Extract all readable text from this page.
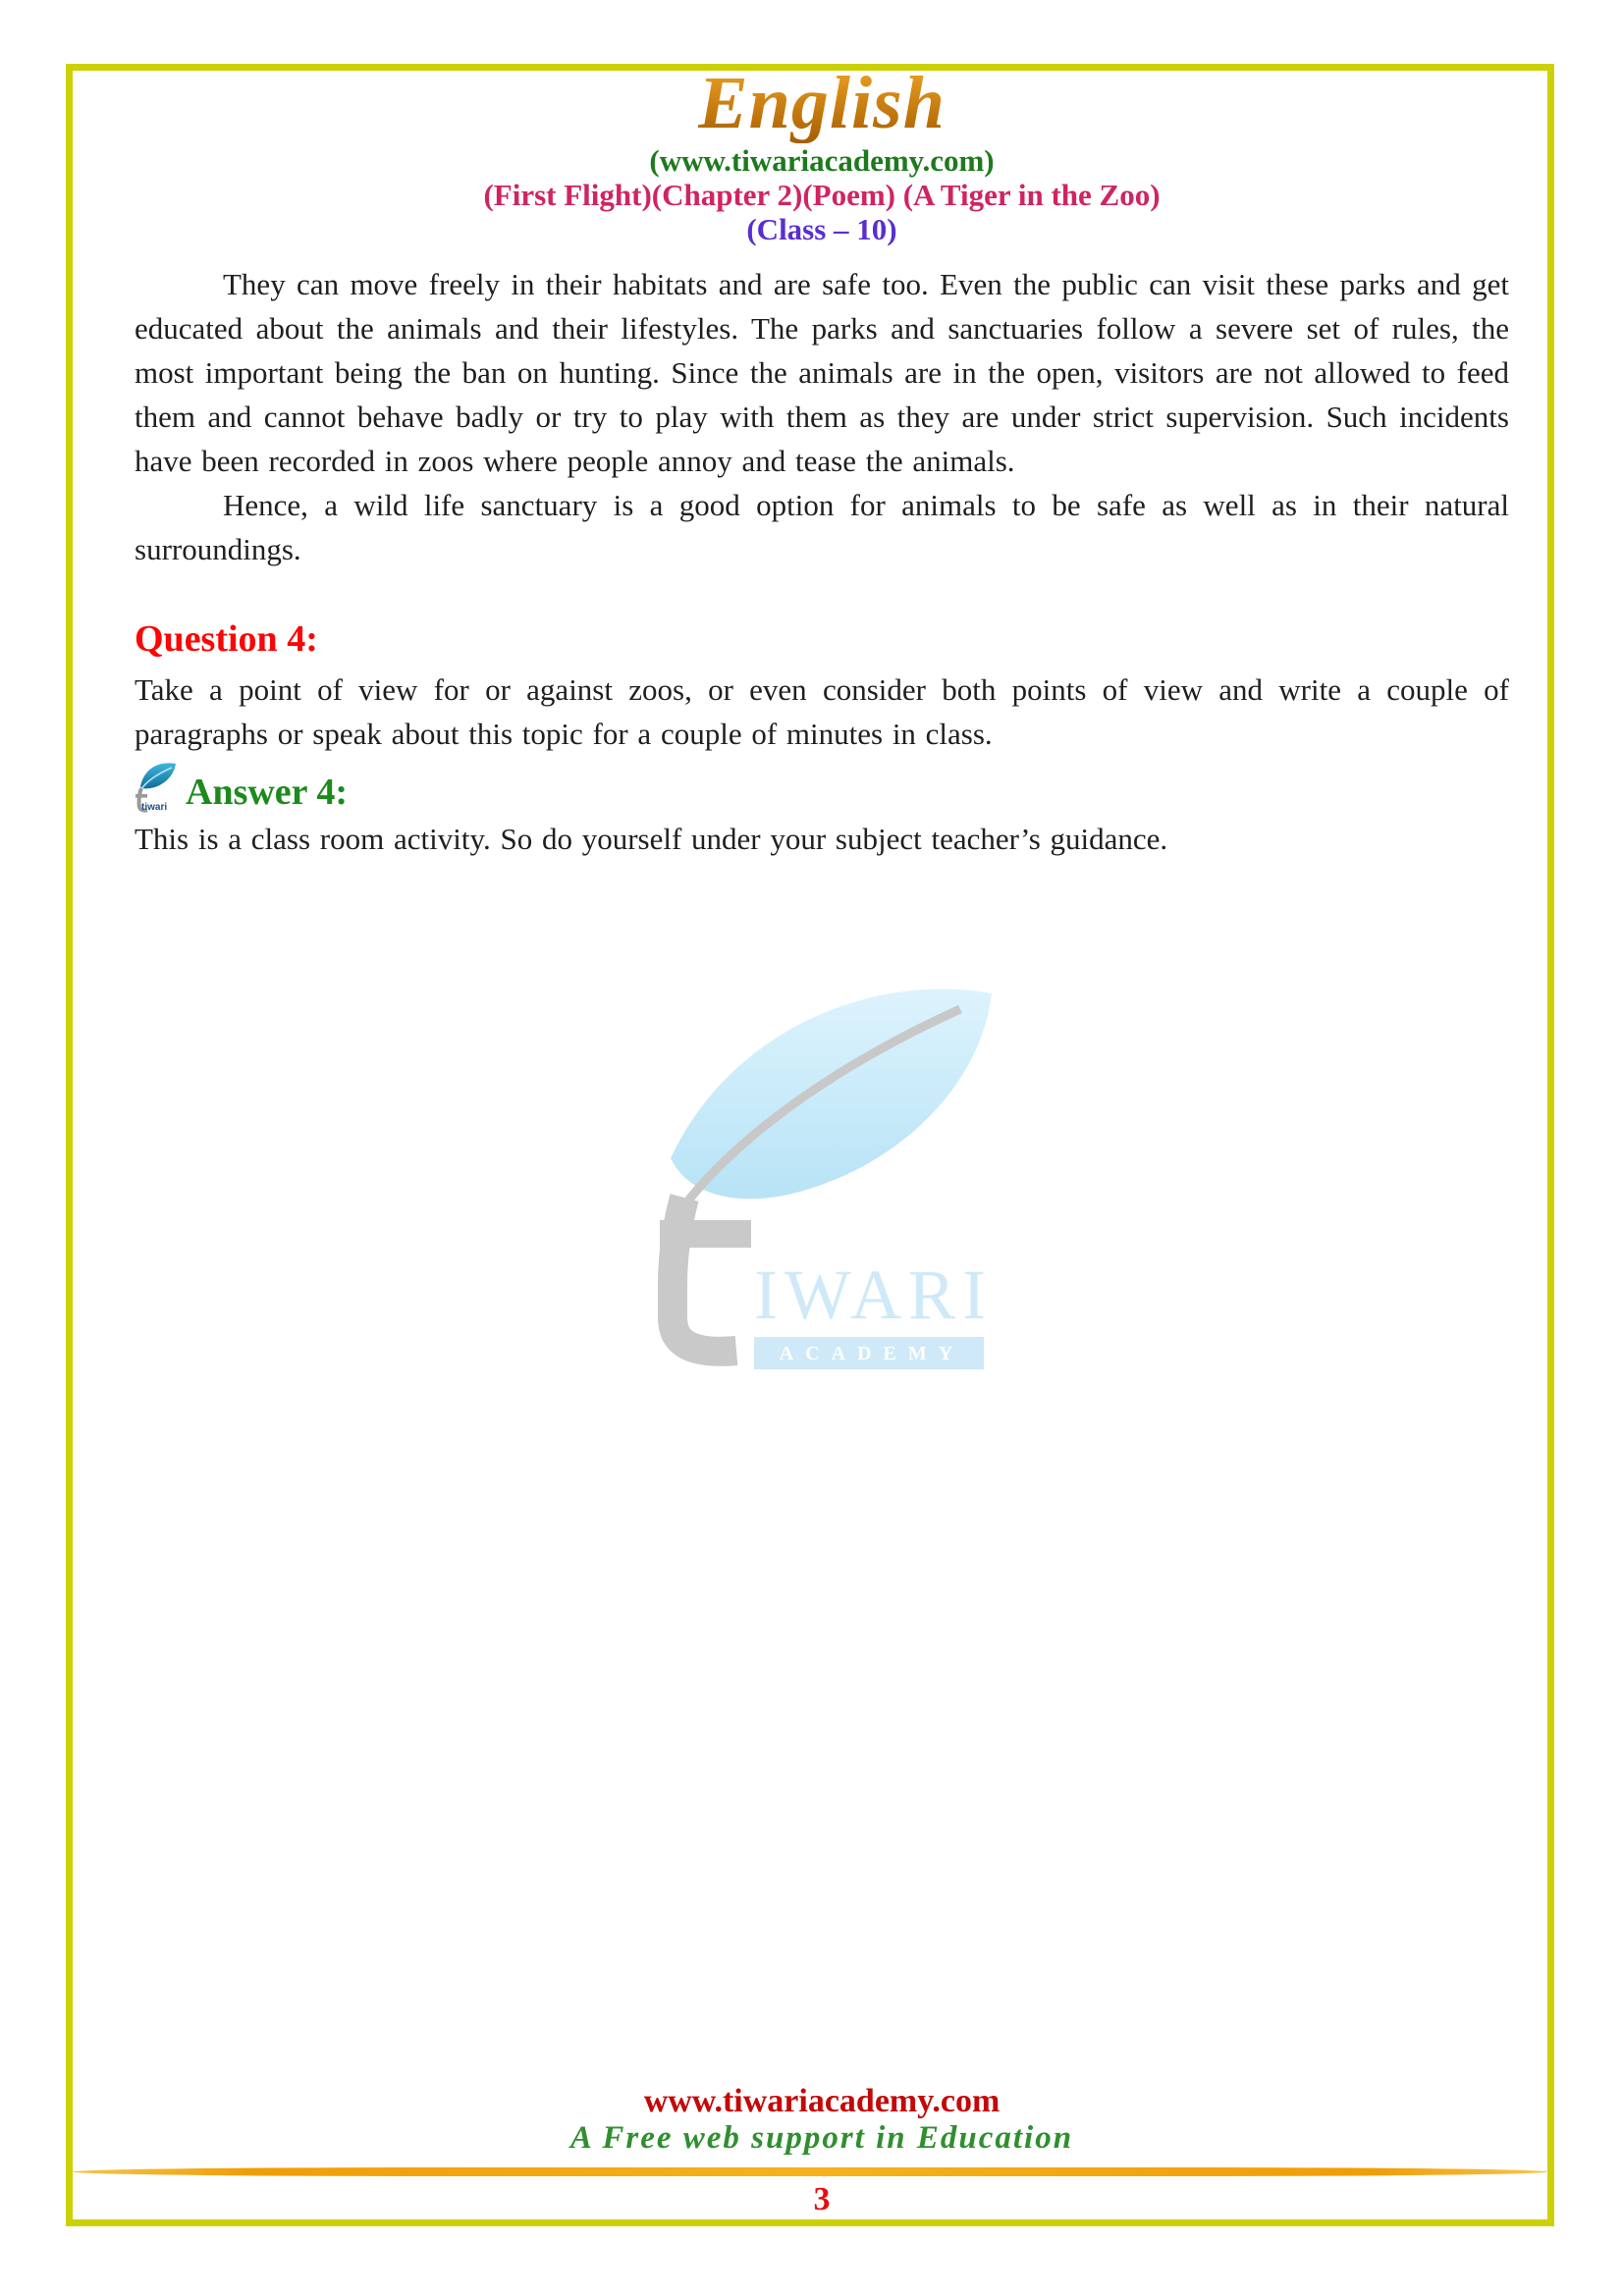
English
(www.tiwariacademy.com)
(First Flight)(Chapter 2)(Poem) (A Tiger in the Zoo)
(Class – 10)

They can move freely in their habitats and are safe too. Even the public can visit these parks and get educated about the animals and their lifestyles. The parks and sanctuaries follow a severe set of rules, the most important being the ban on hunting. Since the animals are in the open, visitors are not allowed to feed them and cannot behave badly or try to play with them as they are under strict supervision. Such incidents have been recorded in zoos where people annoy and tease the animals.

Hence, a wild life sanctuary is a good option for animals to be safe as well as in their natural surroundings.

Question 4:

Take a point of view for or against zoos, or even consider both points of view and write a couple of paragraphs or speak about this topic for a couple of minutes in class.

tiwari Answer 4:

This is a class room activity. So do yourself under your subject teacher’s guidance.

IWARI
ACADEMY
www.tiwariacademy.com
A Free web support in Education
3
